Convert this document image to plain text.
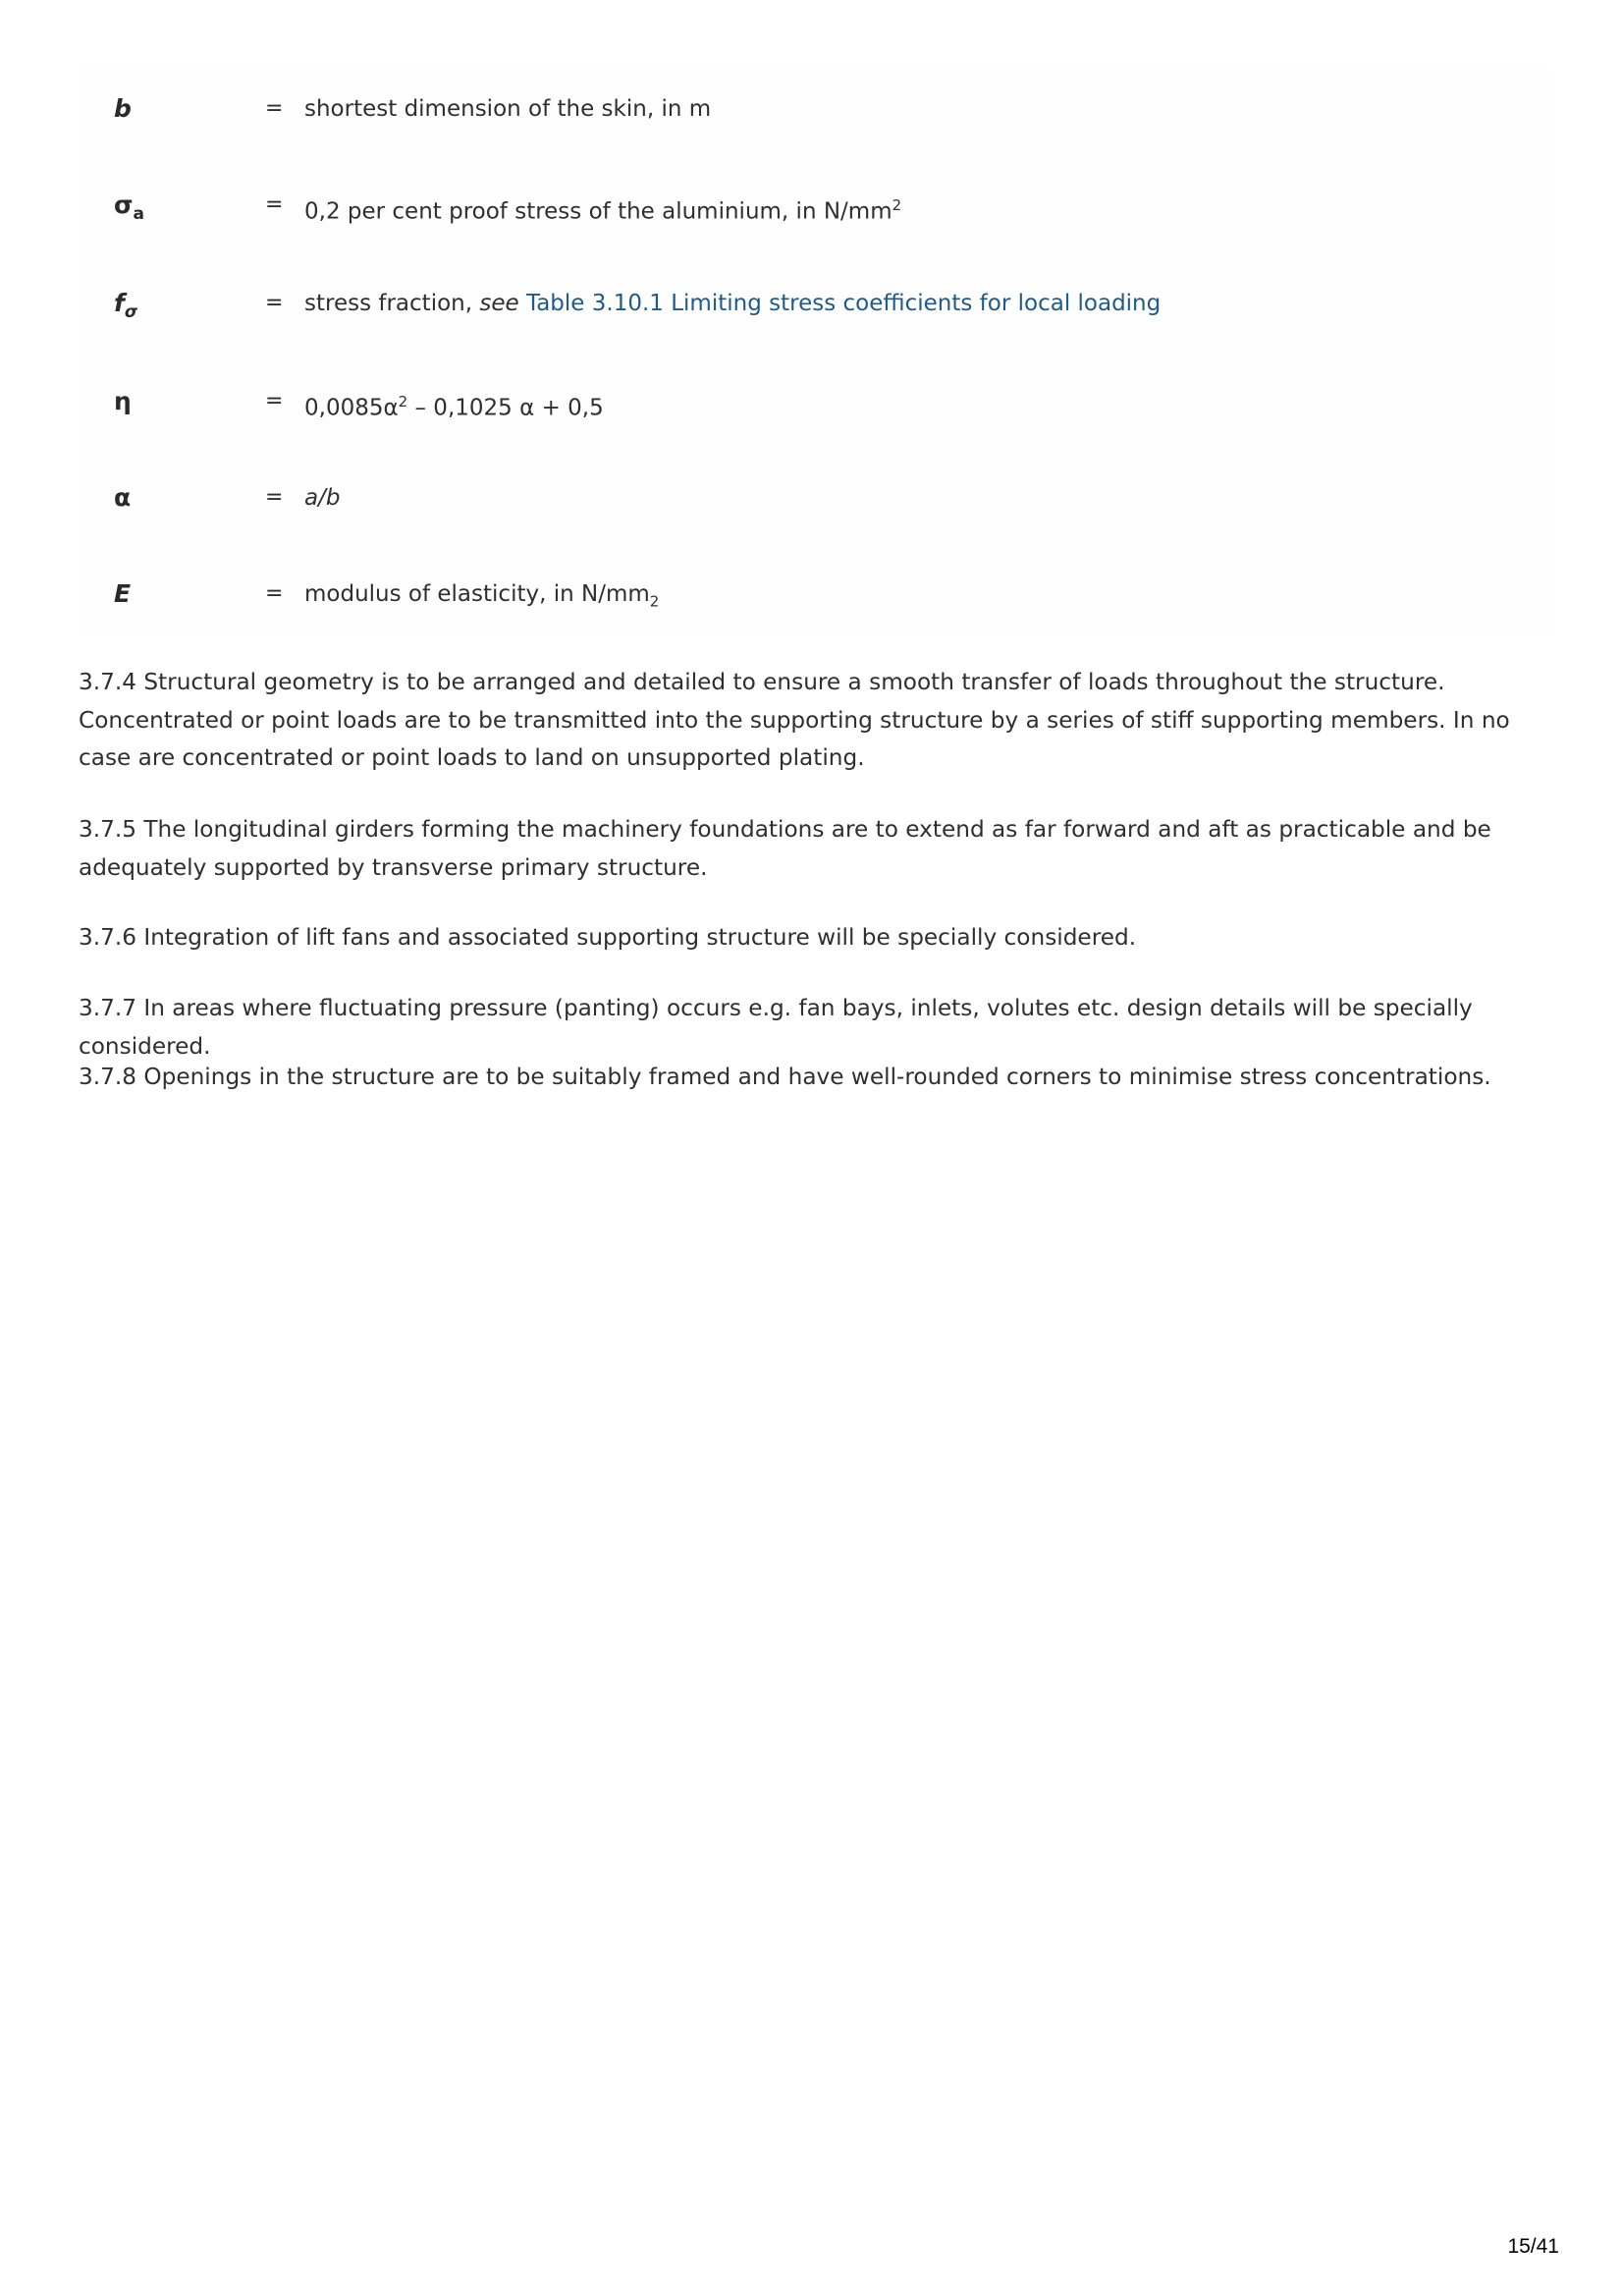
b	= shortest dimension of the skin, in m
$\sigma_a$	= 0,2 per cent proof stress of the aluminium, in $N/mm^2$
$f_\sigma$	= stress fraction, see Table 3.10.1 Limiting stress coefficients for local loading
η	= $0,0085\alpha^2 - 0,1025$ α + 0,5
α	= a/b
E	= modulus of elasticity, in $N/mm_2$

3.7.4 Structural geometry is to be arranged and detailed to ensure a smooth transfer of loads throughout the structure. Concentrated or point loads are to be transmitted into the supporting structure by a series of stiff supporting members. In no case are concentrated or point loads to land on unsupported plating.

3.7.5 The longitudinal girders forming the machinery foundations are to extend as far forward and aft as practicable and be adequately supported by transverse primary structure.

3.7.6 Integration of lift fans and associated supporting structure will be specially considered.

3.7.7 In areas where fluctuating pressure (panting) occurs e.g. fan bays, inlets, volutes etc. design details will be specially considered.

3.7.8 Openings in the structure are to be suitably framed and have well-rounded corners to minimise stress concentrations.

15/41
